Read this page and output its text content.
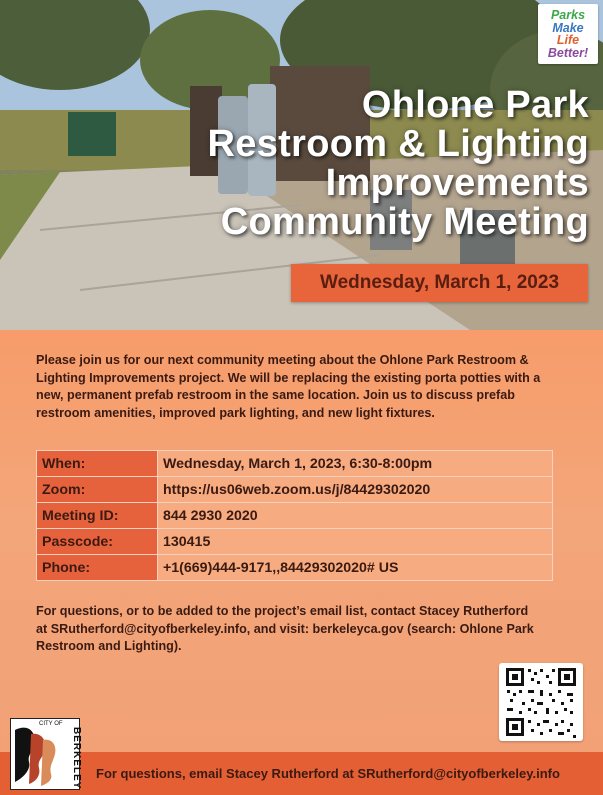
Parks
Make
Life
Better!
Ohlone Park
Restroom & Lighting
Improvements
Community Meeting
Wednesday, March 1, 2023
Please join us for our next community meeting about the Ohlone Park Restroom & Lighting Improvements project. We will be replacing the existing porta potties with a new, permanent prefab restroom in the same location. Join us to discuss prefab restroom amenities, improved park lighting, and new light fixtures.
When:	Wednesday, March 1, 2023, 6:30-8:00pm
Zoom:	https://us06web.zoom.us/j/84429302020
Meeting ID:	844 2930 2020
Passcode:	130415
Phone:	+1(669)444-9171,,84429302020# US
For questions, or to be added to the project’s email list, contact Stacey Rutherford at SRutherford@cityofberkeley.info, and visit: berkeleyca.gov (search: Ohlone Park Restroom and Lighting).
For questions, email Stacey Rutherford at SRutherford@cityofberkeley.info
CITY OF
BERKELEY
